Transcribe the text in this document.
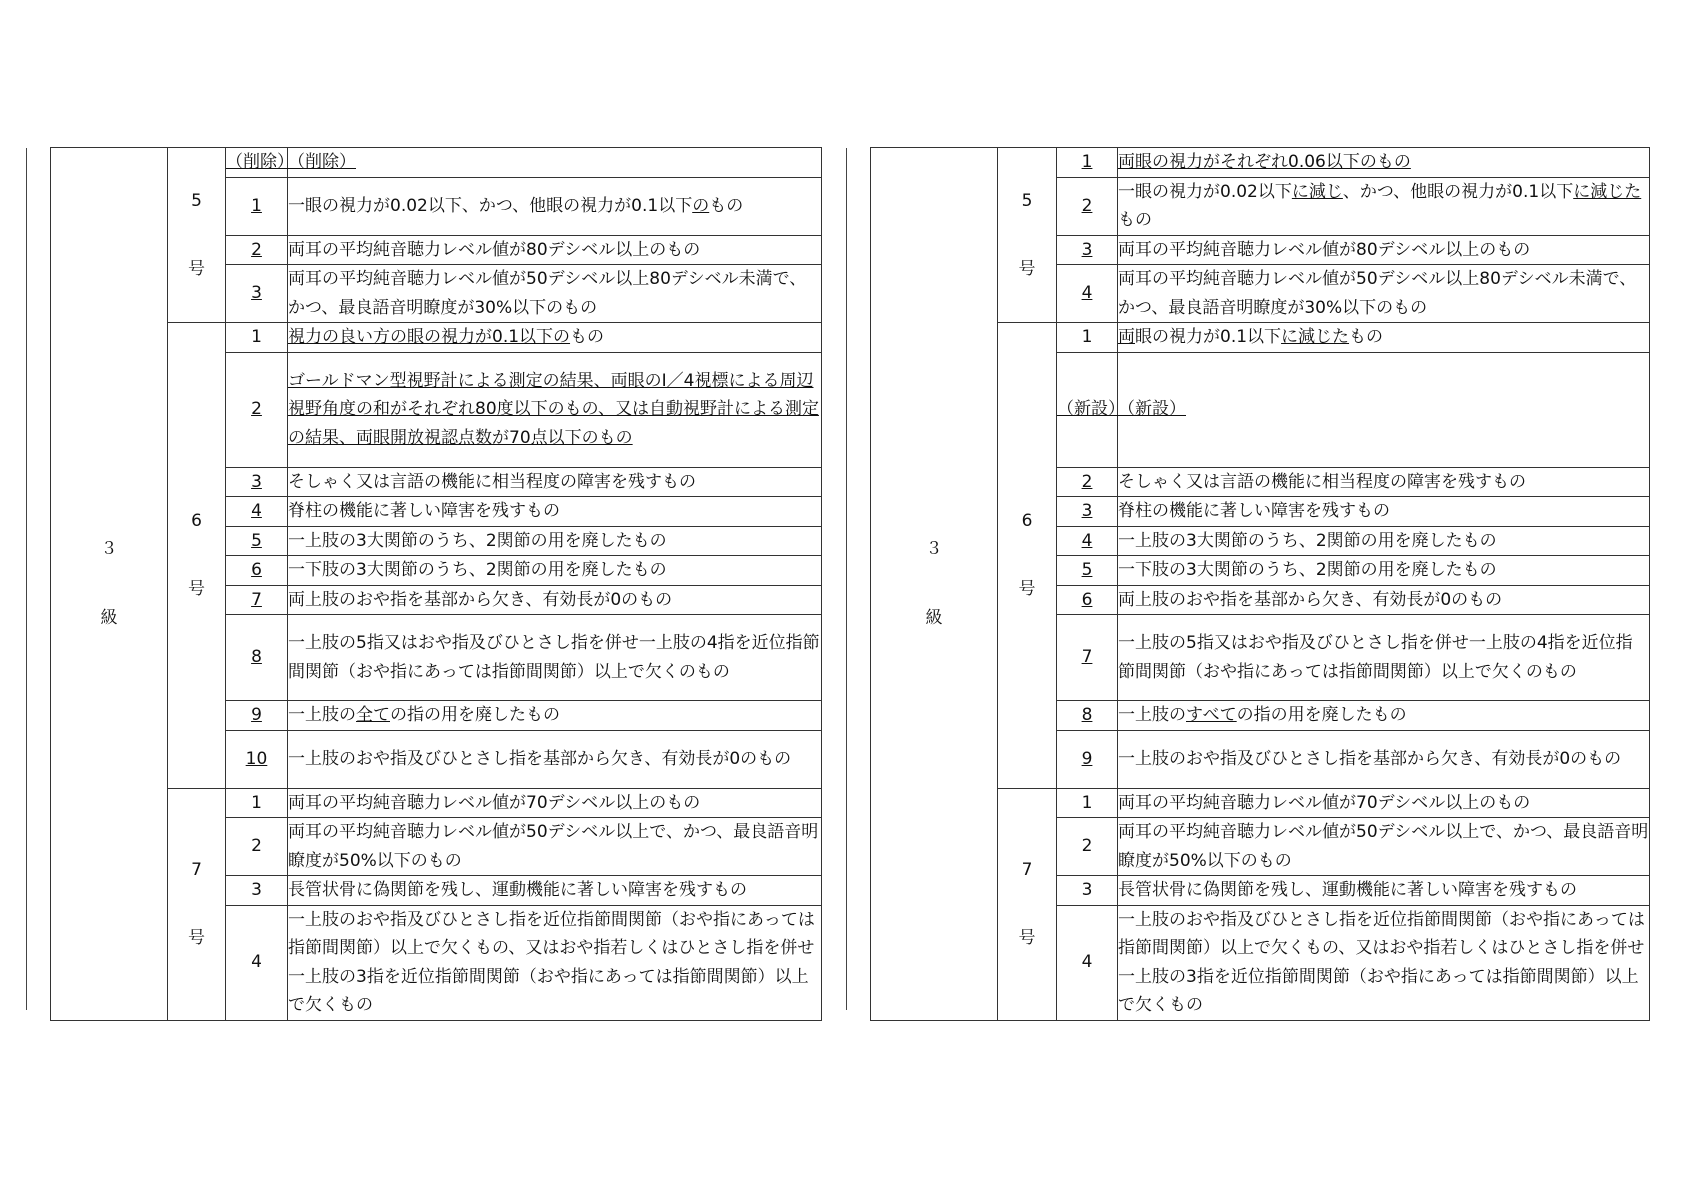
３
級	5
号	（削除）	（削除）
		1	一眼の視力が0.02以下、かつ、他眼の視力が0.1以下のもの
		2	両耳の平均純音聴力レベル値が80デシベル以上のもの
		3	両耳の平均純音聴力レベル値が50デシベル以上80デシベル未満で、かつ、最良語音明瞭度が30%以下のもの

	6
号	1	視力の良い方の眼の視力が0.1以下のもの
		2	ゴールドマン型視野計による測定の結果、両眼のI／4視標による周辺視野角度の和がそれぞれ80度以下のもの、又は自動視野計による測定の結果、両眼開放視認点数が70点以下のもの
		3	そしゃく又は言語の機能に相当程度の障害を残すもの
		4	脊柱の機能に著しい障害を残すもの
		5	一上肢の3大関節のうち、2関節の用を廃したもの
		6	一下肢の3大関節のうち、2関節の用を廃したもの
		7	両上肢のおや指を基部から欠き、有効長が0のもの
		8	一上肢の5指又はおや指及びひとさし指を併せ一上肢の4指を近位指節間関節（おや指にあっては指節間関節）以上で欠くのもの
		9	一上肢の全ての指の用を廃したもの
		10	一上肢のおや指及びひとさし指を基部から欠き、有効長が0のもの

	7
号	1	両耳の平均純音聴力レベル値が70デシベル以上のもの
		2	両耳の平均純音聴力レベル値が50デシベル以上で、かつ、最良語音明瞭度が50%以下のもの
		3	長管状骨に偽関節を残し、運動機能に著しい障害を残すもの
		4	一上肢のおや指及びひとさし指を近位指節間関節（おや指にあっては指節間関節）以上で欠くもの、又はおや指若しくはひとさし指を併せ一上肢の3指を近位指節間関節（おや指にあっては指節間関節）以上で欠くもの
３
級	5
号	1	両眼の視力がそれぞれ0.06以下のもの
		2	一眼の視力が0.02以下に減じ、かつ、他眼の視力が0.1以下に減じたもの
		3	両耳の平均純音聴力レベル値が80デシベル以上のもの
		4	両耳の平均純音聴力レベル値が50デシベル以上80デシベル未満で、かつ、最良語音明瞭度が30%以下のもの

	6
号	1	両眼の視力が0.1以下に減じたもの
		（新設）	（新設）
		2	そしゃく又は言語の機能に相当程度の障害を残すもの
		3	脊柱の機能に著しい障害を残すもの
		4	一上肢の3大関節のうち、2関節の用を廃したもの
		5	一下肢の3大関節のうち、2関節の用を廃したもの
		6	両上肢のおや指を基部から欠き、有効長が0のもの
		7	一上肢の5指又はおや指及びひとさし指を併せ一上肢の4指を近位指節間関節（おや指にあっては指節間関節）以上で欠くのもの
		8	一上肢のすべての指の用を廃したもの
		9	一上肢のおや指及びひとさし指を基部から欠き、有効長が0のもの

	7
号	1	両耳の平均純音聴力レベル値が70デシベル以上のもの
		2	両耳の平均純音聴力レベル値が50デシベル以上で、かつ、最良語音明瞭度が50%以下のもの
		3	長管状骨に偽関節を残し、運動機能に著しい障害を残すもの
		4	一上肢のおや指及びひとさし指を近位指節間関節（おや指にあっては指節間関節）以上で欠くもの、又はおや指若しくはひとさし指を併せ一上肢の3指を近位指節間関節（おや指にあっては指節間関節）以上で欠くもの
